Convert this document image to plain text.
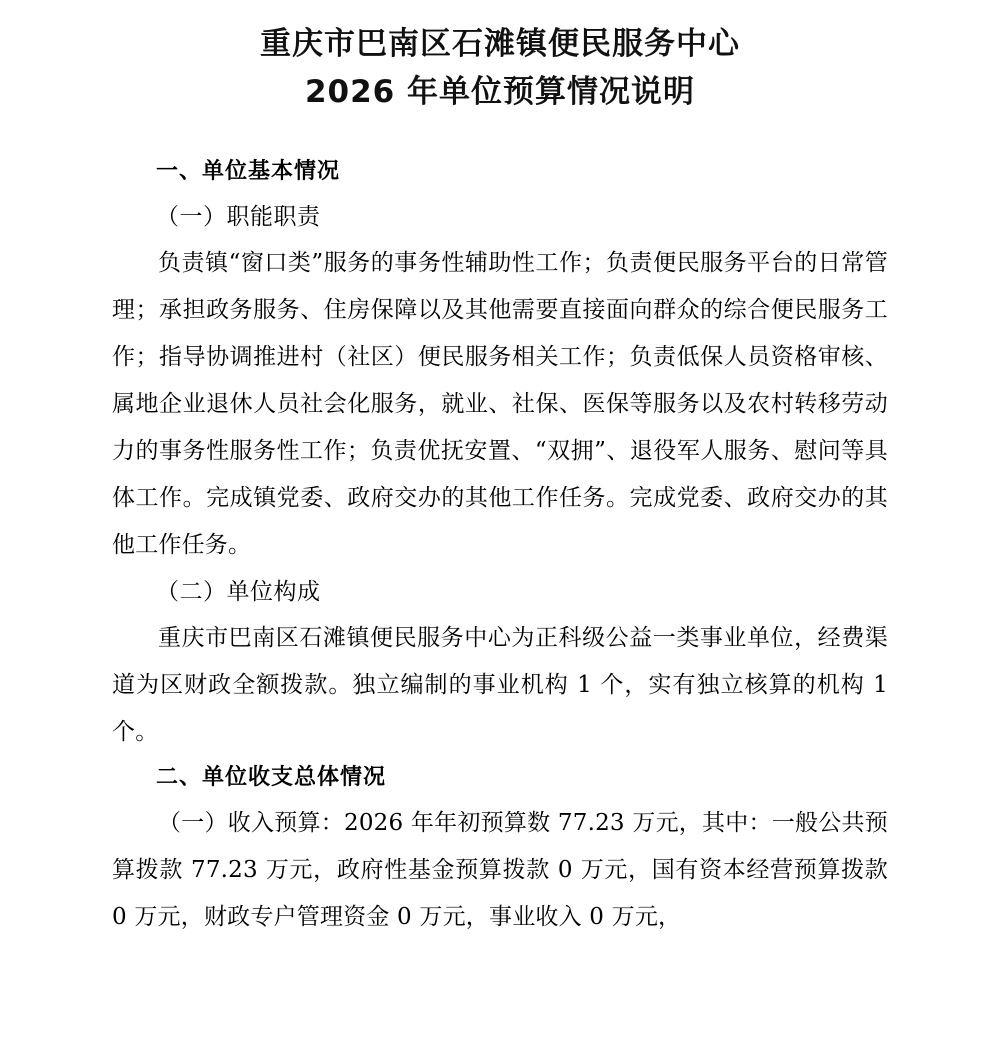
重庆市巴南区石滩镇便民服务中心
2026 年单位预算情况说明
一、单位基本情况
（一）职能职责

负责镇“窗口类”服务的事务性辅助性工作；负责便民服务平台的日常管理；承担政务服务、住房保障以及其他需要直接面向群众的综合便民服务工作；指导协调推进村（社区）便民服务相关工作；负责低保人员资格审核、属地企业退休人员社会化服务，就业、社保、医保等服务以及农村转移劳动力的事务性服务性工作；负责优抚安置、“双拥”、退役军人服务、慰问等具体工作。完成镇党委、政府交办的其他工作任务。完成党委、政府交办的其他工作任务。

（二）单位构成

重庆市巴南区石滩镇便民服务中心为正科级公益一类事业单位，经费渠道为区财政全额拨款。独立编制的事业机构 1 个，实有独立核算的机构 1 个。

二、单位收支总体情况

（一）收入预算：2026 年年初预算数 77.23 万元，其中：一般公共预算拨款 77.23 万元，政府性基金预算拨款 0 万元，国有资本经营预算拨款 0 万元，财政专户管理资金 0 万元，事业收入 0 万元，
